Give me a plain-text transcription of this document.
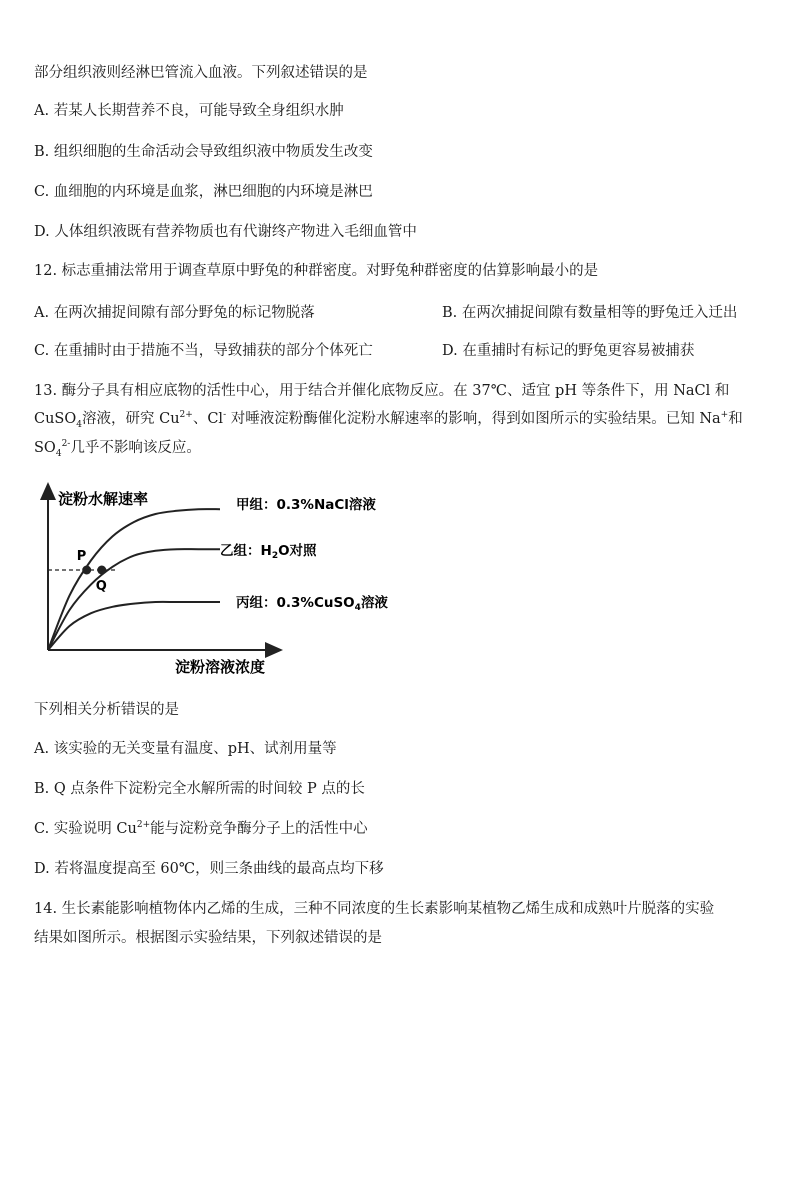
部分组织液则经淋巴管流入血液。下列叙述错误的是
A. 若某人长期营养不良，可能导致全身组织水肿
B. 组织细胞的生命活动会导致组织液中物质发生改变
C. 血细胞的内环境是血浆，淋巴细胞的内环境是淋巴
D. 人体组织液既有营养物质也有代谢终产物进入毛细血管中
12. 标志重捕法常用于调查草原中野兔的种群密度。对野兔种群密度的估算影响最小的是
A. 在两次捕捉间隙有部分野兔的标记物脱落	B. 在两次捕捉间隙有数量相等的野兔迁入迁出
C. 在重捕时由于措施不当，导致捕获的部分个体死亡	D. 在重捕时有标记的野兔更容易被捕获
13. 酶分子具有相应底物的活性中心，用于结合并催化底物反应。在 37℃、适宜 pH 等条件下，用 NaCl 和
CuSO$_4$溶液，研究 $Cu^{2+}$、Cl- 对唾液淀粉酶催化淀粉水解速率的影响，得到如图所示的实验结果。已知 Na+和
$SO_4^{2-}$几乎不影响该反应。
淀粉水解速率
淀粉溶液浓度
P
Q
甲组：0.3%NaCl溶液
乙组：$H_2O$对照
丙组：0.3%CuSO$_4$溶液
下列相关分析错误的是
A. 该实验的无关变量有温度、pH、试剂用量等
B. Q 点条件下淀粉完全水解所需的时间较 P 点的长
C. 实验说明 $Cu^{2+}$能与淀粉竞争酶分子上的活性中心
D. 若将温度提高至 60℃，则三条曲线的最高点均下移
14. 生长素能影响植物体内乙烯的生成，三种不同浓度的生长素影响某植物乙烯生成和成熟叶片脱落的实验
结果如图所示。根据图示实验结果，下列叙述错误的是
